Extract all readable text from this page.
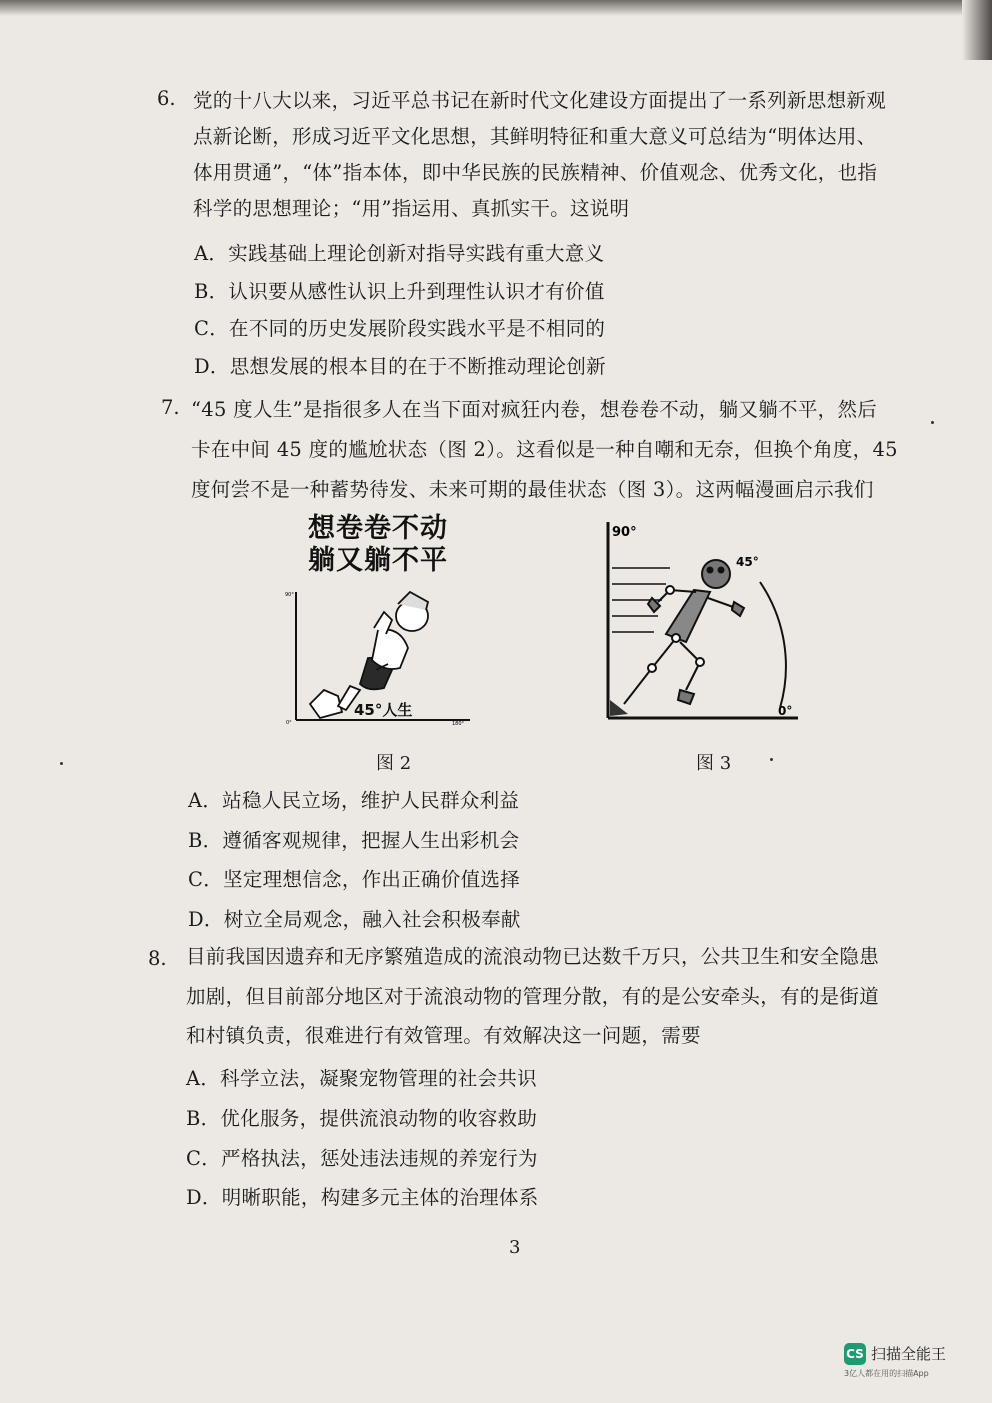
6. 党的十八大以来，习近平总书记在新时代文化建设方面提出了一系列新思想新观
点新论断，形成习近平文化思想，其鲜明特征和重大意义可总结为“明体达用、
体用贯通”，“体”指本体，即中华民族的民族精神、价值观念、优秀文化，也指
科学的思想理论；“用”指运用、真抓实干。这说明
A．实践基础上理论创新对指导实践有重大意义
B．认识要从感性认识上升到理性认识才有价值
C．在不同的历史发展阶段实践水平是不相同的
D．思想发展的根本目的在于不断推动理论创新
7. “45 度人生”是指很多人在当下面对疯狂内卷，想卷卷不动，躺又躺不平，然后
卡在中间 45 度的尴尬状态（图 2）。这看似是一种自嘲和无奈，但换个角度，45
度何尝不是一种蓄势待发、未来可期的最佳状态（图 3）。这两幅漫画启示我们
想卷卷不动
躺又躺不平
90°
0°	180°
45°人生
图 2
90°
45°
0°
图 3
A．站稳人民立场，维护人民群众利益
B．遵循客观规律，把握人生出彩机会
C．坚定理想信念，作出正确价值选择
D．树立全局观念，融入社会积极奉献
8. 目前我国因遗弃和无序繁殖造成的流浪动物已达数千万只，公共卫生和安全隐患
加剧，但目前部分地区对于流浪动物的管理分散，有的是公安牵头，有的是街道
和村镇负责，很难进行有效管理。有效解决这一问题，需要
A．科学立法，凝聚宠物管理的社会共识
B．优化服务，提供流浪动物的收容救助
C．严格执法，惩处违法违规的养宠行为
D．明晰职能，构建多元主体的治理体系
3
CS 扫描全能王
3亿人都在用的扫描App
